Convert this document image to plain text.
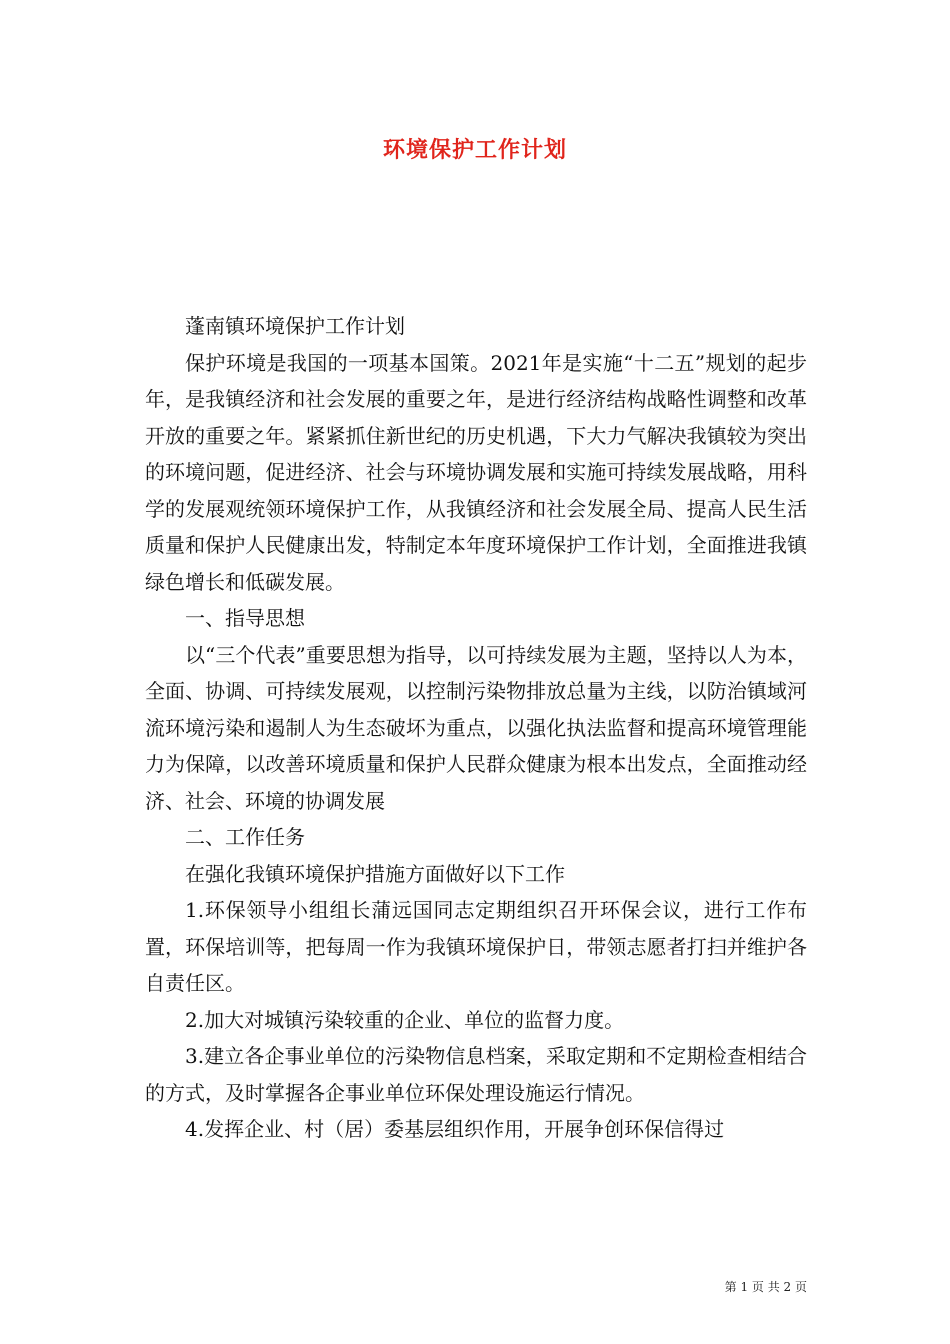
环境保护工作计划

蓬南镇环境保护工作计划

保护环境是我国的一项基本国策。2021年是实施“十二五”规划的起步年，是我镇经济和社会发展的重要之年，是进行经济结构战略性调整和改革开放的重要之年。紧紧抓住新世纪的历史机遇，下大力气解决我镇较为突出的环境问题，促进经济、社会与环境协调发展和实施可持续发展战略，用科学的发展观统领环境保护工作，从我镇经济和社会发展全局、提高人民生活质量和保护人民健康出发，特制定本年度环境保护工作计划，全面推进我镇绿色增长和低碳发展。

一、指导思想

以“三个代表”重要思想为指导，以可持续发展为主题，坚持以人为本，全面、协调、可持续发展观，以控制污染物排放总量为主线，以防治镇域河流环境污染和遏制人为生态破坏为重点，以强化执法监督和提高环境管理能力为保障，以改善环境质量和保护人民群众健康为根本出发点，全面推动经济、社会、环境的协调发展

二、工作任务

在强化我镇环境保护措施方面做好以下工作

1.环保领导小组组长蒲远国同志定期组织召开环保会议，进行工作布置，环保培训等，把每周一作为我镇环境保护日，带领志愿者打扫并维护各自责任区。

2.加大对城镇污染较重的企业、单位的监督力度。

3.建立各企事业单位的污染物信息档案，采取定期和不定期检查相结合的方式，及时掌握各企事业单位环保处理设施运行情况。

4.发挥企业、村（居）委基层组织作用，开展争创环保信得过

第 1 页 共 2 页
